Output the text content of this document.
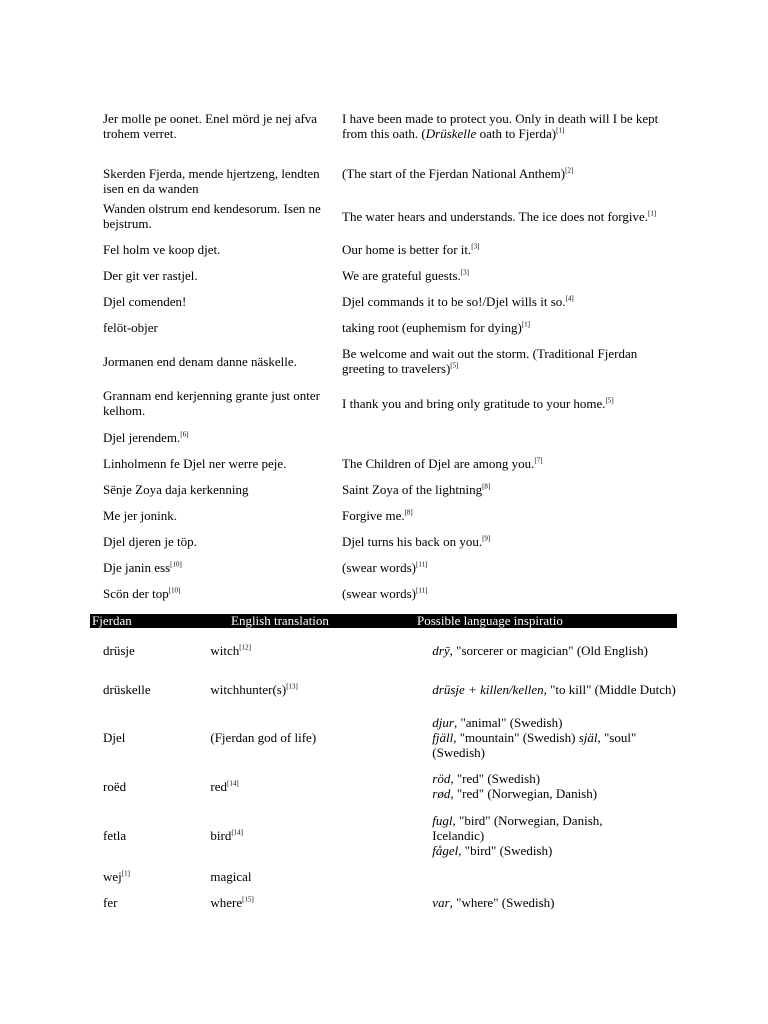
Jer molle pe oonet. Enel mörd je nej afva trohem verret.	I have been made to protect you. Only in death will I be kept from this oath. (Drüskelle oath to Fjerda)[1]
Skerden Fjerda, mende hjertzeng, lendten isen en da wanden	(The start of the Fjerdan National Anthem)[2]
Wanden olstrum end kendesorum. Isen ne bejstrum.	The water hears and understands. The ice does not forgive.[1]
Fel holm ve koop djet.	Our home is better for it.[3]
Der git ver rastjel.	We are grateful guests.[3]
Djel comenden!	Djel commands it to be so!/Djel wills it so.[4]
felöt-objer	taking root (euphemism for dying)[1]
Jormanen end denam danne näskelle.	Be welcome and wait out the storm. (Traditional Fjerdan greeting to travelers)[5]
Grannam end kerjenning grante just onter kelhom.	I thank you and bring only gratitude to your home.[5]
Djel jerendem.[6]	
Linholmenn fe Djel ner werre peje.	The Children of Djel are among you.[7]
Sënje Zoya daja kerkenning	Saint Zoya of the lightning[8]
Me jer jonink.	Forgive me.[8]
Djel djeren je töp.	Djel turns his back on you.[9]
Dje janin ess[10]	(swear words)[11]
Scön der top[10]	(swear words)[11]
Fjerdan	English translation	Possible language inspiratio
drüsje	witch[12]	drȳ, "sorcerer or magician" (Old English)

drüskelle	witchhunter(s)[13]	drüsje + killen/kellen, "to kill" (Middle Dutch)

Djel	(Fjerdan god of life)	djur, "animal" (Swedish)
fjäll, "mountain" (Swedish) själ, "soul"
(Swedish)

roëd	red[14]	röd, "red" (Swedish)
rød, "red" (Norwegian, Danish)

fetla	bird[14]	fugl, "bird" (Norwegian, Danish,
Icelandic)
fågel, "bird" (Swedish)

wej[1]	magical	
fer	where[15]	var, "where" (Swedish)
